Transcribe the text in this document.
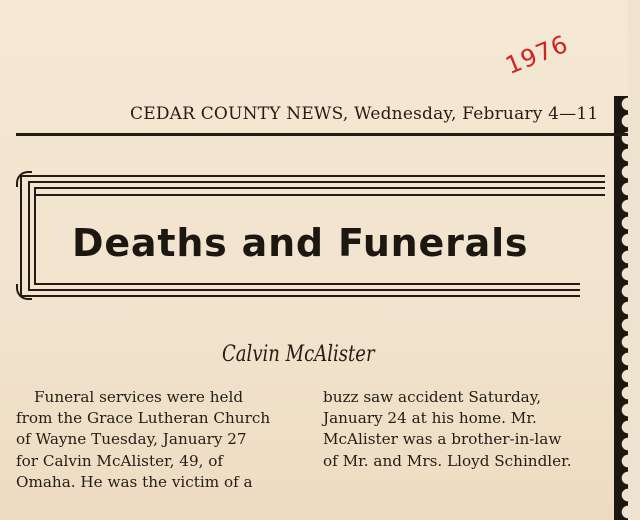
1976
CEDAR COUNTY NEWS, Wednesday, February 4—11
Deaths and Funerals
Calvin McAlister

Funeral services were held

from the Grace Lutheran Church

of Wayne Tuesday, January 27

for Calvin McAlister, 49, of

Omaha. He was the victim of a

buzz saw accident Saturday,

January 24 at his home. Mr.

McAlister was a brother-in-law

of Mr. and Mrs. Lloyd Schindler.
